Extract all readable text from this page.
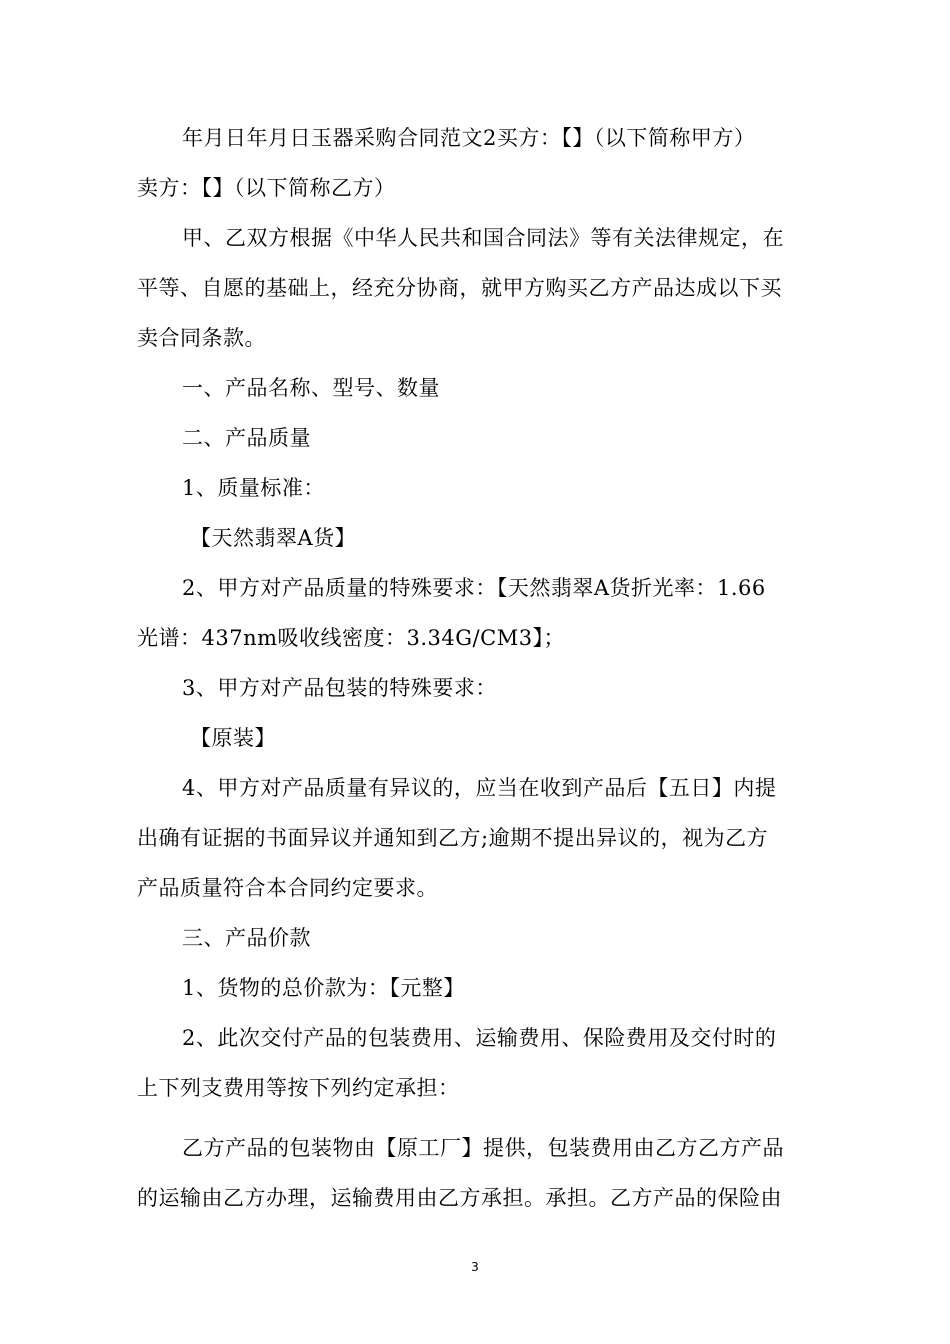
年月日年月日玉器采购合同范文2买方：【】（以下简称甲方）
卖方：【】（以下简称乙方）
甲、乙双方根据《中华人民共和国合同法》等有关法律规定，在
平等、自愿的基础上，经充分协商，就甲方购买乙方产品达成以下买
卖合同条款。
一、产品名称、型号、数量
二、产品质量
1、质量标准：
【天然翡翠A货】
2、甲方对产品质量的特殊要求：【天然翡翠A货折光率：1.66
光谱：437nm吸收线密度：3.34G/CM3】；
3、甲方对产品包装的特殊要求：
【原装】
4、甲方对产品质量有异议的，应当在收到产品后【五日】内提
出确有证据的书面异议并通知到乙方;逾期不提出异议的，视为乙方
产品质量符合本合同约定要求。
三、产品价款
1、货物的总价款为：【元整】
2、此次交付产品的包装费用、运输费用、保险费用及交付时的
上下列支费用等按下列约定承担：
乙方产品的包装物由【原工厂】提供，包装费用由乙方乙方产品
的运输由乙方办理，运输费用由乙方承担。承担。乙方产品的保险由
3
